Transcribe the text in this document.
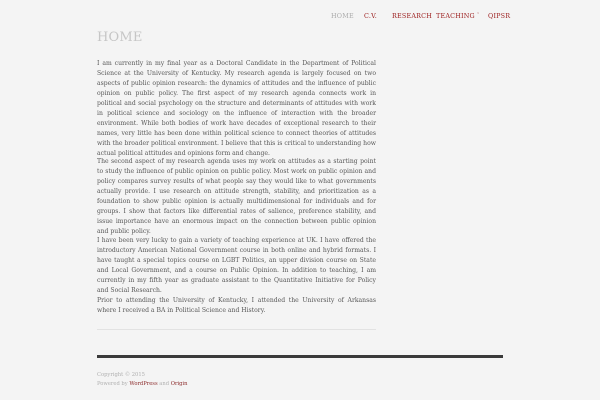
HOME C.V. RESEARCH TEACHING ˅ QIPSR
HOME

I am currently in my final year as a Doctoral Candidate in the Department of Political Science at the University of Kentucky. My research agenda is largely focused on two aspects of public opinion research: the dynamics of attitudes and the influence of public opinion on public policy. The first aspect of my research agenda connects work in political and social psychology on the structure and determinants of attitudes with work in political science and sociology on the influence of interaction with the broader environment. While both bodies of work have decades of exceptional research to their names, very little has been done within political science to connect theories of attitudes with the broader political environment. I believe that this is critical to understanding how actual political attitudes and opinions form and change.

The second aspect of my research agenda uses my work on attitudes as a starting point to study the influence of public opinion on public policy. Most work on public opinion and policy compares survey results of what people say they would like to what governments actually provide. I use research on attitude strength, stability, and prioritization as a foundation to show public opinion is actually multidimensional for individuals and for groups. I show that factors like differential rates of salience, preference stability, and issue importance have an enormous impact on the connection between public opinion and public policy.

I have been very lucky to gain a variety of teaching experience at UK. I have offered the introductory American National Government course in both online and hybrid formats. I have taught a special topics course on LGBT Politics, an upper division course on State and Local Government, and a course on Public Opinion. In addition to teaching, I am currently in my fifth year as graduate assistant to the Quantitative Initiative for Policy and Social Research.

Prior to attending the University of Kentucky, I attended the University of Arkansas where I received a BA in Political Science and History.

Copyright © 2015
Powered by WordPress and Origin
